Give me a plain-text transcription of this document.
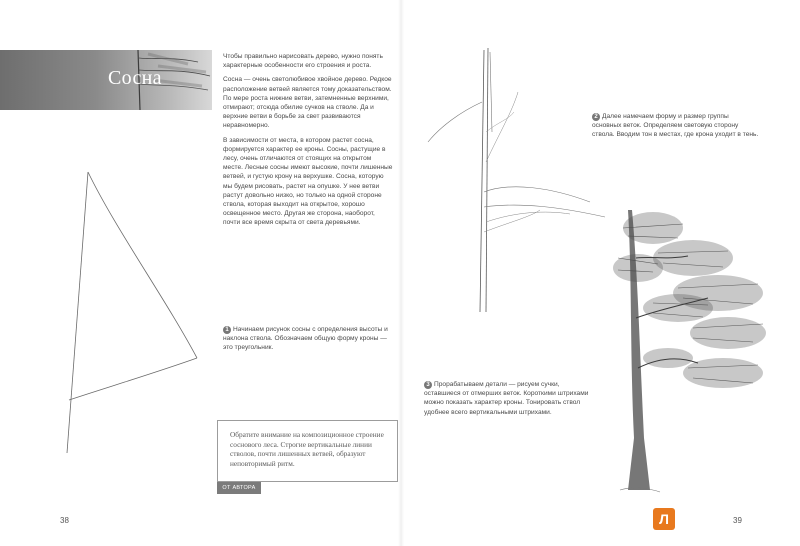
Сосна

Чтобы правильно нарисовать дерево, нужно понять характерные особенности его строения и роста.

Сосна — очень светолюбивое хвойное дерево. Редкое расположение ветвей является тому доказательством. По мере роста нижние ветви, затемненные верхними, отмирают; отсюда обилие сучков на стволе. Да и верхние ветви в борьбе за свет развиваются неравномерно.

В зависимости от места, в котором растет сосна, формируется характер ее кроны. Сосны, растущие в лесу, очень отличаются от стоящих на открытом месте. Лесные сосны имеют высокие, почти лишенные ветвей, и густую крону на верхушке. Сосна, которую мы будем рисовать, растет на опушке. У нее ветви растут довольно низко, но только на одной стороне ствола, которая выходит на открытое, хорошо освещенное место. Другая же сторона, наоборот, почти все время скрыта от света деревьями.

1 Начинаем рисунок сосны с определения высоты и наклона ствола. Обозначаем общую форму кроны — это треугольник.
Обратите внимание на композиционное строение соснового леса. Строгие вертикальные линии стволов, почти лишенных ветвей, образуют неповторимый ритм.
ОТ АВТОРА
38
2 Далее намечаем форму и размер группы основных веток. Определяем световую сторону ствола. Вводим тон в местах, где крона уходит в тень.
3 Прорабатываем детали — рисуем сучки, оставшиеся от отмерших веток. Короткими штрихами можно показать характер кроны. Тонировать ствол удобнее всего вертикальными штрихами.
Л	39
